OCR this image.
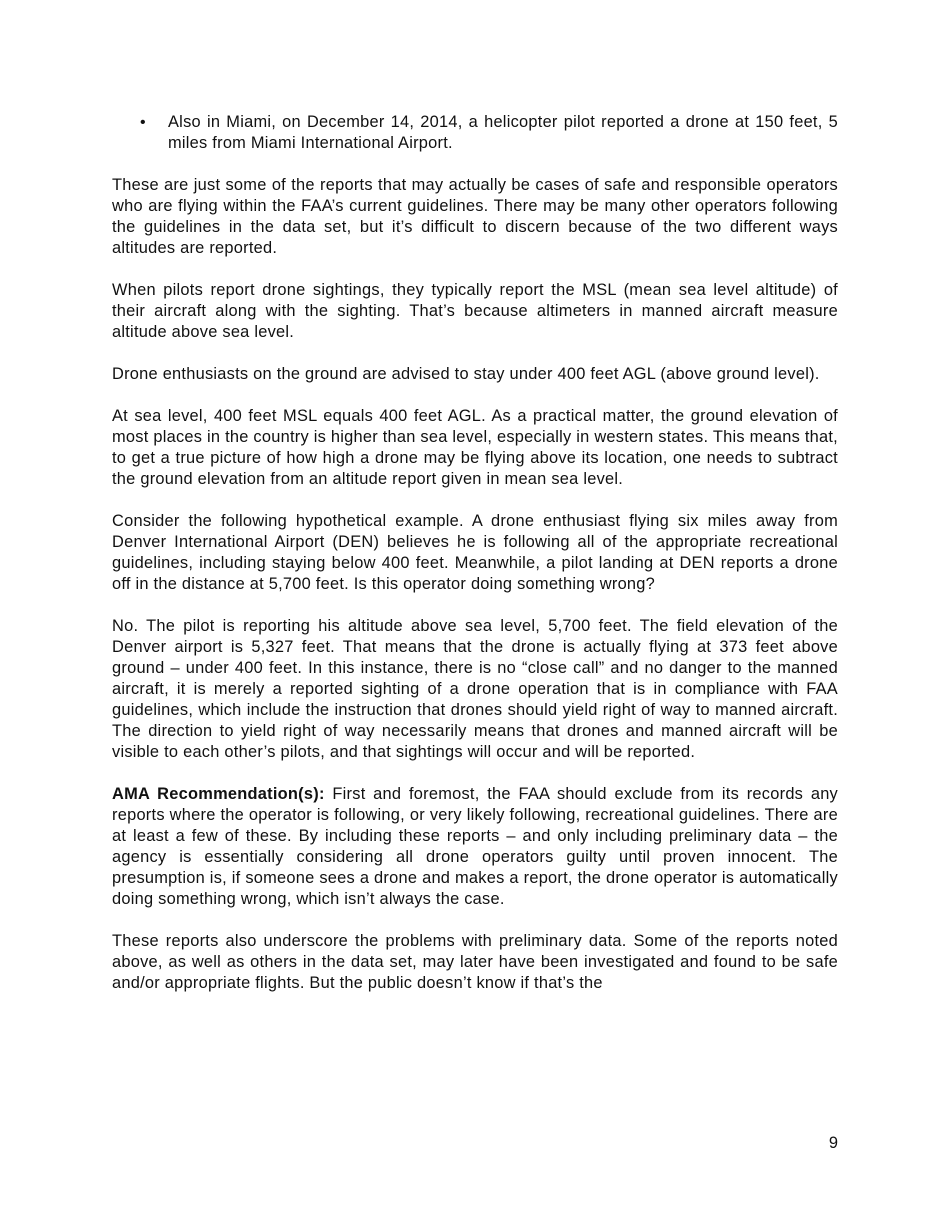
• Also in Miami, on December 14, 2014, a helicopter pilot reported a drone at 150 feet, 5 miles from Miami International Airport.

These are just some of the reports that may actually be cases of safe and responsible operators who are flying within the FAA’s current guidelines. There may be many other operators following the guidelines in the data set, but it’s difficult to discern because of the two different ways altitudes are reported.

When pilots report drone sightings, they typically report the MSL (mean sea level altitude) of their aircraft along with the sighting. That’s because altimeters in manned aircraft measure altitude above sea level.

Drone enthusiasts on the ground are advised to stay under 400 feet AGL (above ground level).

At sea level, 400 feet MSL equals 400 feet AGL. As a practical matter, the ground elevation of most places in the country is higher than sea level, especially in western states. This means that, to get a true picture of how high a drone may be flying above its location, one needs to subtract the ground elevation from an altitude report given in mean sea level.

Consider the following hypothetical example. A drone enthusiast flying six miles away from Denver International Airport (DEN) believes he is following all of the appropriate recreational guidelines, including staying below 400 feet. Meanwhile, a pilot landing at DEN reports a drone off in the distance at 5,700 feet. Is this operator doing something wrong?

No. The pilot is reporting his altitude above sea level, 5,700 feet. The field elevation of the Denver airport is 5,327 feet. That means that the drone is actually flying at 373 feet above ground – under 400 feet. In this instance, there is no “close call” and no danger to the manned aircraft, it is merely a reported sighting of a drone operation that is in compliance with FAA guidelines, which include the instruction that drones should yield right of way to manned aircraft. The direction to yield right of way necessarily means that drones and manned aircraft will be visible to each other’s pilots, and that sightings will occur and will be reported.

AMA Recommendation(s): First and foremost, the FAA should exclude from its records any reports where the operator is following, or very likely following, recreational guidelines. There are at least a few of these. By including these reports – and only including preliminary data – the agency is essentially considering all drone operators guilty until proven innocent. The presumption is, if someone sees a drone and makes a report, the drone operator is automatically doing something wrong, which isn’t always the case.

These reports also underscore the problems with preliminary data. Some of the reports noted above, as well as others in the data set, may later have been investigated and found to be safe and/or appropriate flights. But the public doesn’t know if that’s the

9
